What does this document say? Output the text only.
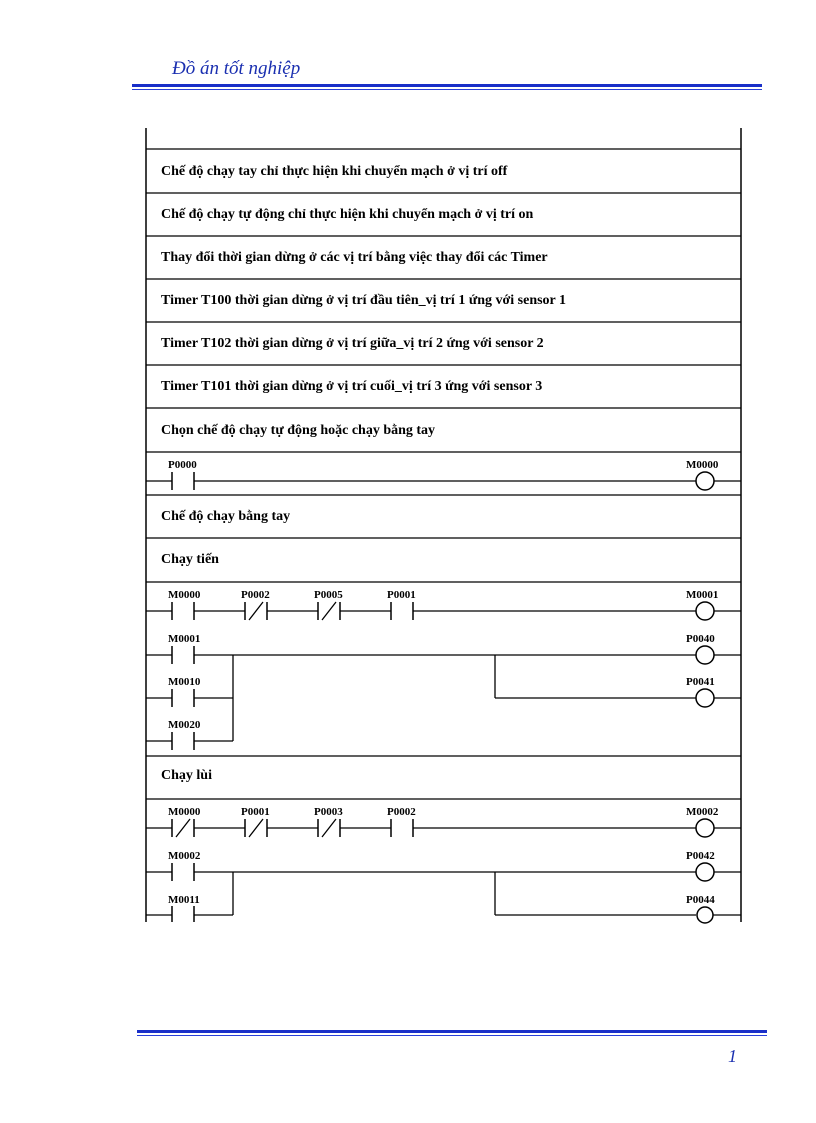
Đồ án tốt nghiệp
Chế độ chạy tay chỉ thực hiện khi chuyển mạch ở vị trí off
Chế độ chạy tự động chỉ thực hiện khi chuyển mạch ở vị trí on
Thay đổi thời gian dừng ở các vị trí bằng việc thay đổi các Timer
Timer T100 thời gian dừng ở vị trí đầu tiên_vị trí 1 ứng với sensor 1
Timer T102 thời gian dừng ở vị trí giữa_vị trí 2 ứng với sensor 2
Timer T101 thời gian dừng ở vị trí cuối_vị trí 3 ứng với sensor 3
Chọn chế độ chạy tự động hoặc chạy bằng tay
Chế độ chạy bằng tay
Chạy tiến
Chạy lùi
P0000	M0000
M0000	P0002	P0005	P0001	M0001
M0001
M0010
M0020
P0040
P0041
M0000	P0001	P0003	P0002	M0002
M0002
M0011
P0042
P0044
1
